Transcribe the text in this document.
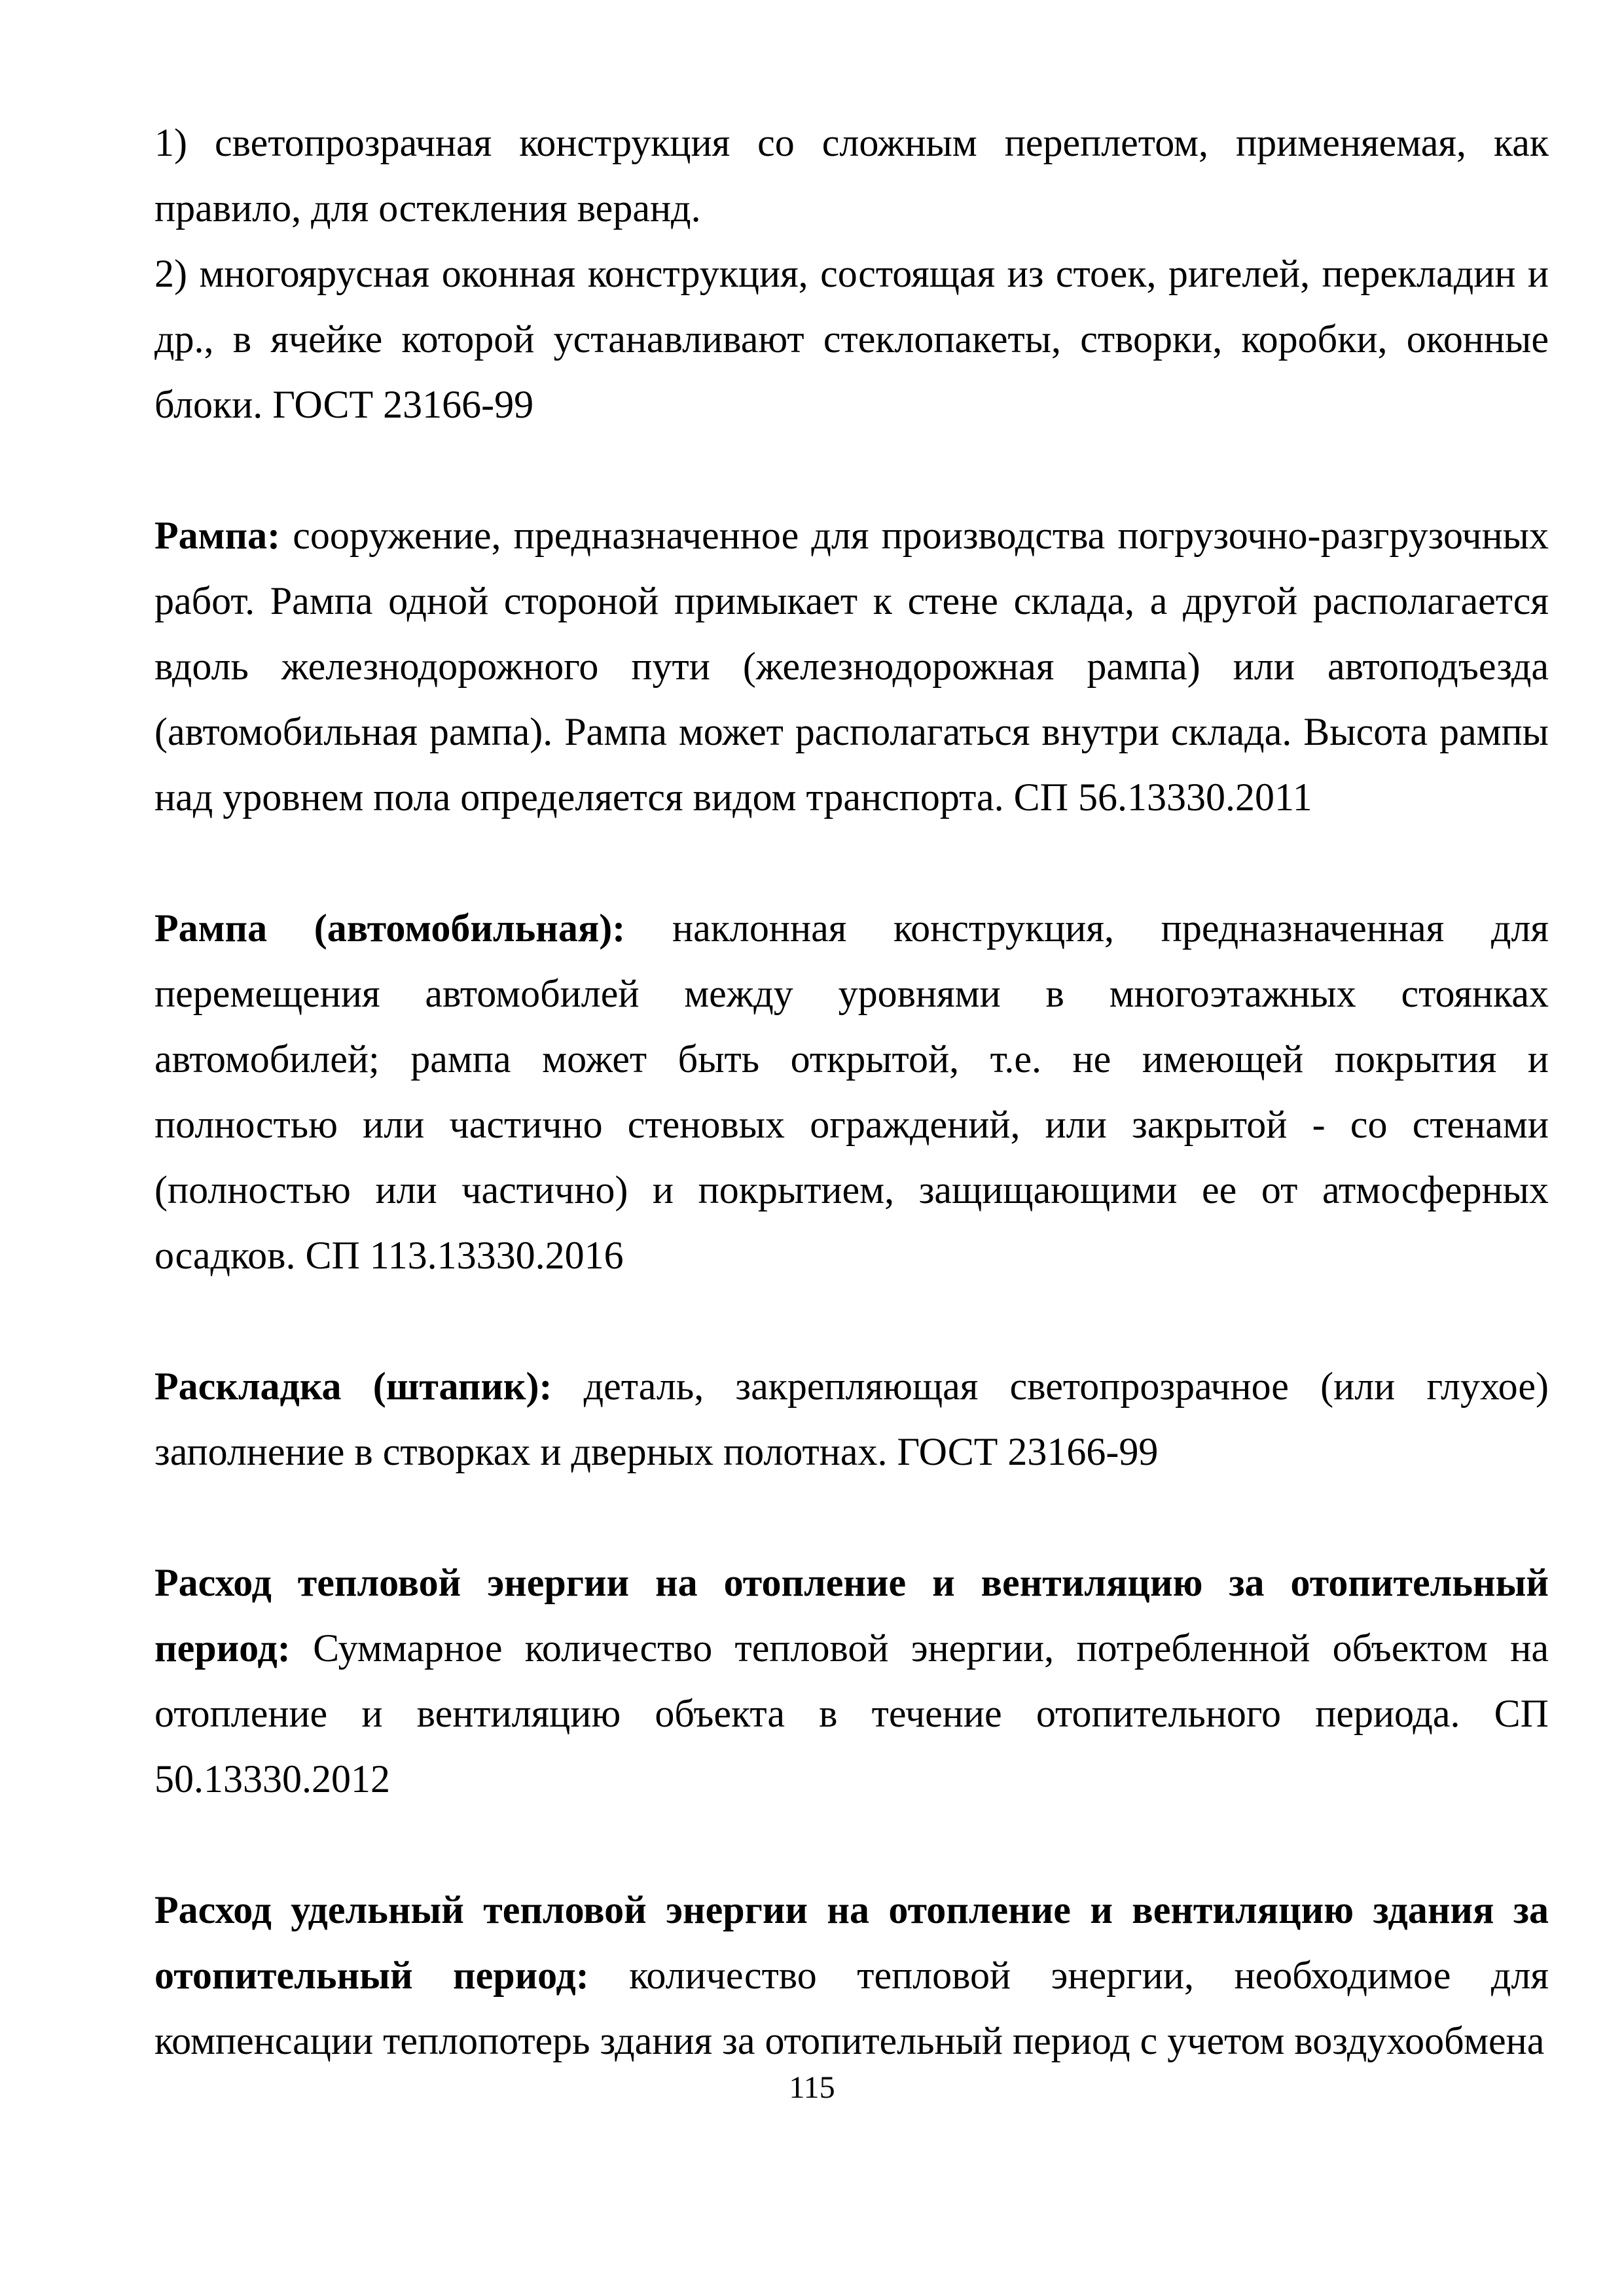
1) светопрозрачная конструкция со сложным переплетом, применяемая, как правило, для остекления веранд.

2) многоярусная оконная конструкция, состоящая из стоек, ригелей, перекладин и др., в ячейке которой устанавливают стеклопакеты, створки, коробки, оконные блоки. ГОСТ 23166-99

Рампа: сооружение, предназначенное для производства погрузочно-разгрузочных работ. Рампа одной стороной примыкает к стене склада, а другой располагается вдоль железнодорожного пути (железнодорожная рампа) или автоподъезда (автомобильная рампа). Рампа может располагаться внутри склада. Высота рампы над уровнем пола определяется видом транспорта. СП 56.13330.2011

Рампа (автомобильная): наклонная конструкция, предназначенная для перемещения автомобилей между уровнями в многоэтажных стоянках автомобилей; рампа может быть открытой, т.е. не имеющей покрытия и полностью или частично стеновых ограждений, или закрытой - со стенами (полностью или частично) и покрытием, защищающими ее от атмосферных осадков. СП 113.13330.2016

Раскладка (штапик): деталь, закрепляющая светопрозрачное (или глухое) заполнение в створках и дверных полотнах. ГОСТ 23166-99

Расход тепловой энергии на отопление и вентиляцию за отопительный период: Суммарное количество тепловой энергии, потребленной объектом на отопление и вентиляцию объекта в течение отопительного периода. СП 50.13330.2012

Расход удельный тепловой энергии на отопление и вентиляцию здания за отопительный период: количество тепловой энергии, необходимое для компенсации теплопотерь здания за отопительный период с учетом воздухообмена

115
